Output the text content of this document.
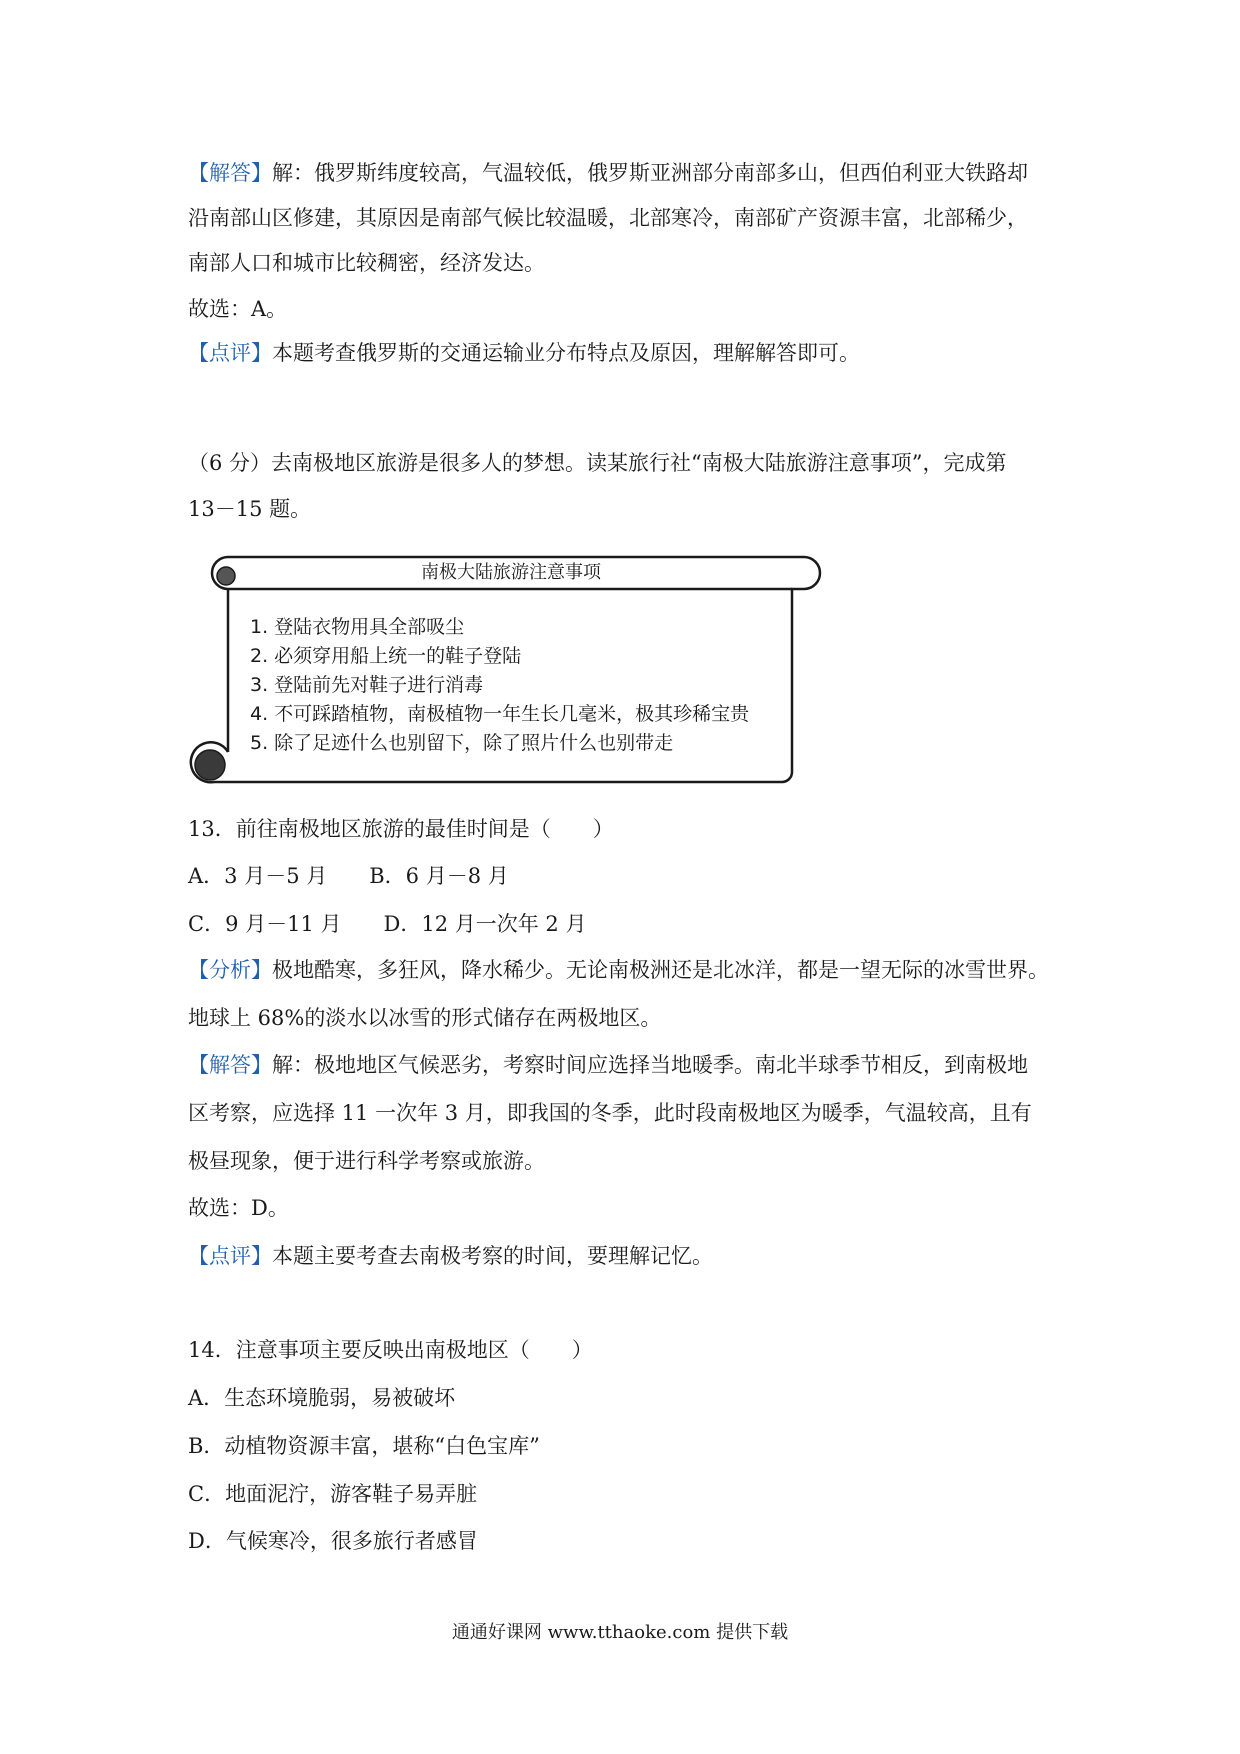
【解答】解：俄罗斯纬度较高，气温较低，俄罗斯亚洲部分南部多山，但西伯利亚大铁路却
沿南部山区修建，其原因是南部气候比较温暖，北部寒冷，南部矿产资源丰富，北部稀少，
南部人口和城市比较稠密，经济发达。
故选：A。
【点评】本题考查俄罗斯的交通运输业分布特点及原因，理解解答即可。
（6 分）去南极地区旅游是很多人的梦想。读某旅行社“南极大陆旅游注意事项”，完成第
13－15 题。
南极大陆旅游注意事项
1. 登陆衣物用具全部吸尘
2. 必须穿用船上统一的鞋子登陆
3. 登陆前先对鞋子进行消毒
4. 不可踩踏植物，南极植物一年生长几毫米，极其珍稀宝贵
5. 除了足迹什么也别留下，除了照片什么也别带走
13．前往南极地区旅游的最佳时间是（　　）
A．3 月－5 月　　B．6 月－8 月
C．9 月－11 月　　D．12 月一次年 2 月
【分析】极地酷寒，多狂风，降水稀少。无论南极洲还是北冰洋，都是一望无际的冰雪世界。
地球上 68%的淡水以冰雪的形式储存在两极地区。
【解答】解：极地地区气候恶劣，考察时间应选择当地暖季。南北半球季节相反，到南极地
区考察，应选择 11 一次年 3 月，即我国的冬季，此时段南极地区为暖季，气温较高，且有
极昼现象，便于进行科学考察或旅游。
故选：D。
【点评】本题主要考查去南极考察的时间，要理解记忆。
14．注意事项主要反映出南极地区（　　）
A．生态环境脆弱，易被破坏
B．动植物资源丰富，堪称“白色宝库”
C．地面泥泞，游客鞋子易弄脏
D．气候寒冷，很多旅行者感冒
通通好课网 www.tthaoke.com 提供下载
